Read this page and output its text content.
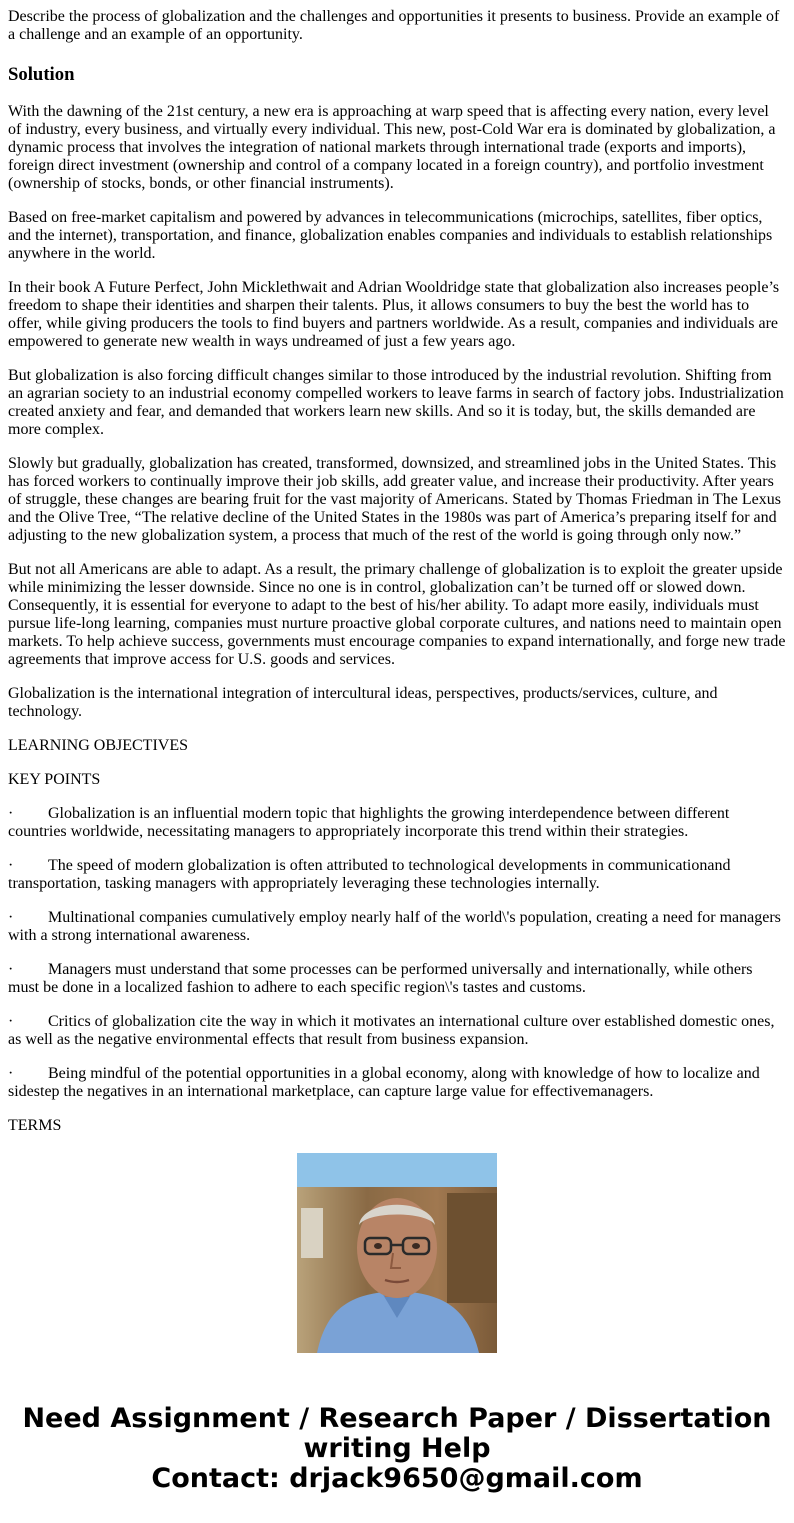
Describe the process of globalization and the challenges and opportunities it presents to business. Provide an example of a challenge and an example of an opportunity.

Solution

With the dawning of the 21st century, a new era is approaching at warp speed that is affecting every nation, every level of industry, every business, and virtually every individual. This new, post-Cold War era is dominated by globalization, a dynamic process that involves the integration of national markets through international trade (exports and imports), foreign direct investment (ownership and control of a company located in a foreign country), and portfolio investment (ownership of stocks, bonds, or other financial instruments).

Based on free-market capitalism and powered by advances in telecommunications (microchips, satellites, fiber optics, and the internet), transportation, and finance, globalization enables companies and individuals to establish relationships anywhere in the world.

In their book A Future Perfect, John Micklethwait and Adrian Wooldridge state that globalization also increases people’s freedom to shape their identities and sharpen their talents. Plus, it allows consumers to buy the best the world has to offer, while giving producers the tools to find buyers and partners worldwide. As a result, companies and individuals are empowered to generate new wealth in ways undreamed of just a few years ago.

But globalization is also forcing difficult changes similar to those introduced by the industrial revolution. Shifting from an agrarian society to an industrial economy compelled workers to leave farms in search of factory jobs. Industrialization created anxiety and fear, and demanded that workers learn new skills. And so it is today, but, the skills demanded are more complex.

Slowly but gradually, globalization has created, transformed, downsized, and streamlined jobs in the United States. This has forced workers to continually improve their job skills, add greater value, and increase their productivity. After years of struggle, these changes are bearing fruit for the vast majority of Americans. Stated by Thomas Friedman in The Lexus and the Olive Tree, “The relative decline of the United States in the 1980s was part of America’s preparing itself for and adjusting to the new globalization system, a process that much of the rest of the world is going through only now.”

But not all Americans are able to adapt. As a result, the primary challenge of globalization is to exploit the greater upside while minimizing the lesser downside. Since no one is in control, globalization can’t be turned off or slowed down. Consequently, it is essential for everyone to adapt to the best of his/her ability. To adapt more easily, individuals must pursue life-long learning, companies must nurture proactive global corporate cultures, and nations need to maintain open markets. To help achieve success, governments must encourage companies to expand internationally, and forge new trade agreements that improve access for U.S. goods and services.

Globalization is the international integration of intercultural ideas, perspectives, products/services, culture, and technology.

LEARNING OBJECTIVES

KEY POINTS

· Globalization is an influential modern topic that highlights the growing interdependence between different countries worldwide, necessitating managers to appropriately incorporate this trend within their strategies.

· The speed of modern globalization is often attributed to technological developments in communicationand transportation, tasking managers with appropriately leveraging these technologies internally.

· Multinational companies cumulatively employ nearly half of the world\'s population, creating a need for managers with a strong international awareness.

· Managers must understand that some processes can be performed universally and internationally, while others must be done in a localized fashion to adhere to each specific region\'s tastes and customs.

· Critics of globalization cite the way in which it motivates an international culture over established domestic ones, as well as the negative environmental effects that result from business expansion.

· Being mindful of the potential opportunities in a global economy, along with knowledge of how to localize and sidestep the negatives in an international marketplace, can capture large value for effectivemanagers.

TERMS

Need Assignment / Research Paper / Dissertation
writing Help
Contact: drjack9650@gmail.com
